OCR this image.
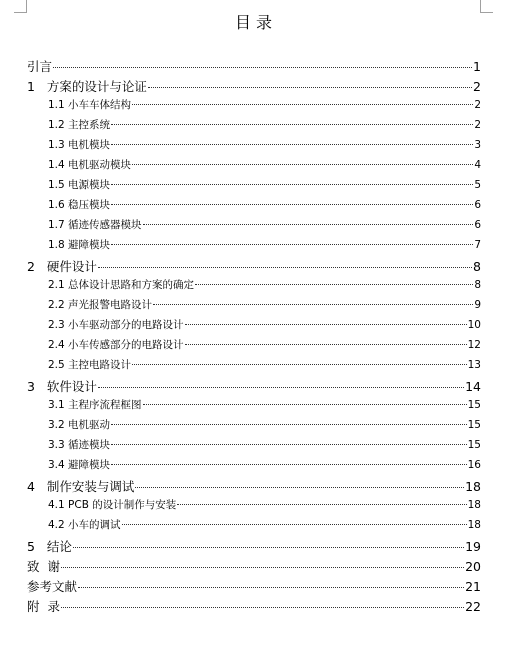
目 录
引言	1
1 方案的设计与论证	2
1.1 小车车体结构	2
1.2 主控系统	2
1.3 电机模块	3
1.4 电机驱动模块	4
1.5 电源模块	5
1.6 稳压模块	6
1.7 循迹传感器模块	6
1.8 避障模块	7
2 硬件设计	8
2.1 总体设计思路和方案的确定	8
2.2 声光报警电路设计	9
2.3 小车驱动部分的电路设计	10
2.4 小车传感部分的电路设计	12
2.5 主控电路设计	13
3 软件设计	14
3.1 主程序流程框图	15
3.2 电机驱动	15
3.3 循迹模块	15
3.4 避障模块	16
4 制作安装与调试	18
4.1 PCB 的设计制作与安装	18
4.2 小车的调试	18
5 结论	19
致  谢	20
参考文献	21
附  录	22
